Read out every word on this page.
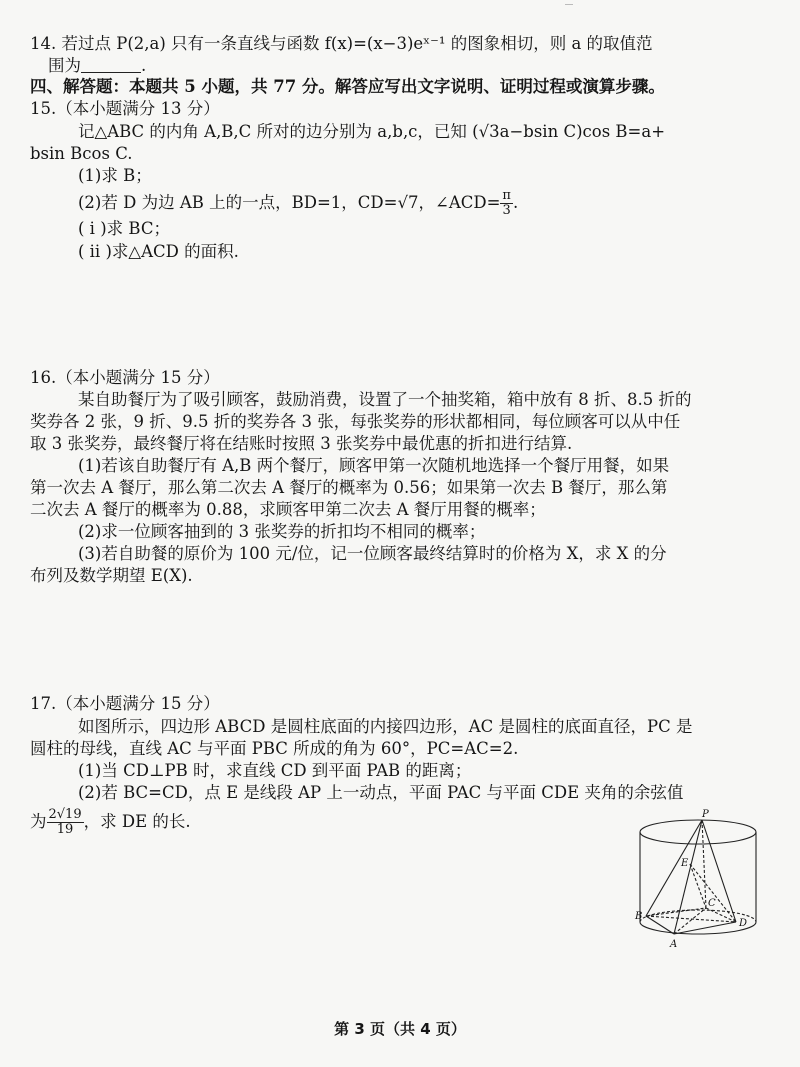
14. 若过点 P(2,a) 只有一条直线与函数 f(x)=(x−3)eˣ⁻¹ 的图象相切，则 a 的取值范
围为	.
四、解答题：本题共 5 小题，共 77 分。解答应写出文字说明、证明过程或演算步骤。
15.（本小题满分 13 分）
记△ABC 的内角 A,B,C 所对的边分别为 a,b,c，已知 (√3a−bsin C)cos B=a+
bsin Bcos C.
(1)求 B；
(2)若 D 为边 AB 上的一点，BD=1，CD=√7，∠ACD= $\frac{\pi}{3}$ .
( ⅰ )求 BC；
( ⅱ )求△ACD 的面积.
16.（本小题满分 15 分）
某自助餐厅为了吸引顾客，鼓励消费，设置了一个抽奖箱，箱中放有 8 折、8.5 折的
奖券各 2 张，9 折、9.5 折的奖券各 3 张，每张奖券的形状都相同，每位顾客可以从中任
取 3 张奖券，最终餐厅将在结账时按照 3 张奖券中最优惠的折扣进行结算.
(1)若该自助餐厅有 A,B 两个餐厅，顾客甲第一次随机地选择一个餐厅用餐，如果
第一次去 A 餐厅，那么第二次去 A 餐厅的概率为 0.56；如果第一次去 B 餐厅，那么第
二次去 A 餐厅的概率为 0.88，求顾客甲第二次去 A 餐厅用餐的概率；
(2)求一位顾客抽到的 3 张奖券的折扣均不相同的概率；
(3)若自助餐的原价为 100 元/位，记一位顾客最终结算时的价格为 X，求 X 的分
布列及数学期望 E(X).
17.（本小题满分 15 分）
如图所示，四边形 ABCD 是圆柱底面的内接四边形，AC 是圆柱的底面直径，PC 是
圆柱的母线，直线 AC 与平面 PBC 所成的角为 60°，PC=AC=2.
(1)当 CD⊥PB 时，求直线 CD 到平面 PAB 的距离；
(2)若 BC=CD，点 E 是线段 AP 上一动点，平面 PAC 与平面 CDE 夹角的余弦值
为 $\frac{2√19}{19}$ ，求 DE 的长.	P
E
C
B
D
A
第 3 页（共 4 页）
